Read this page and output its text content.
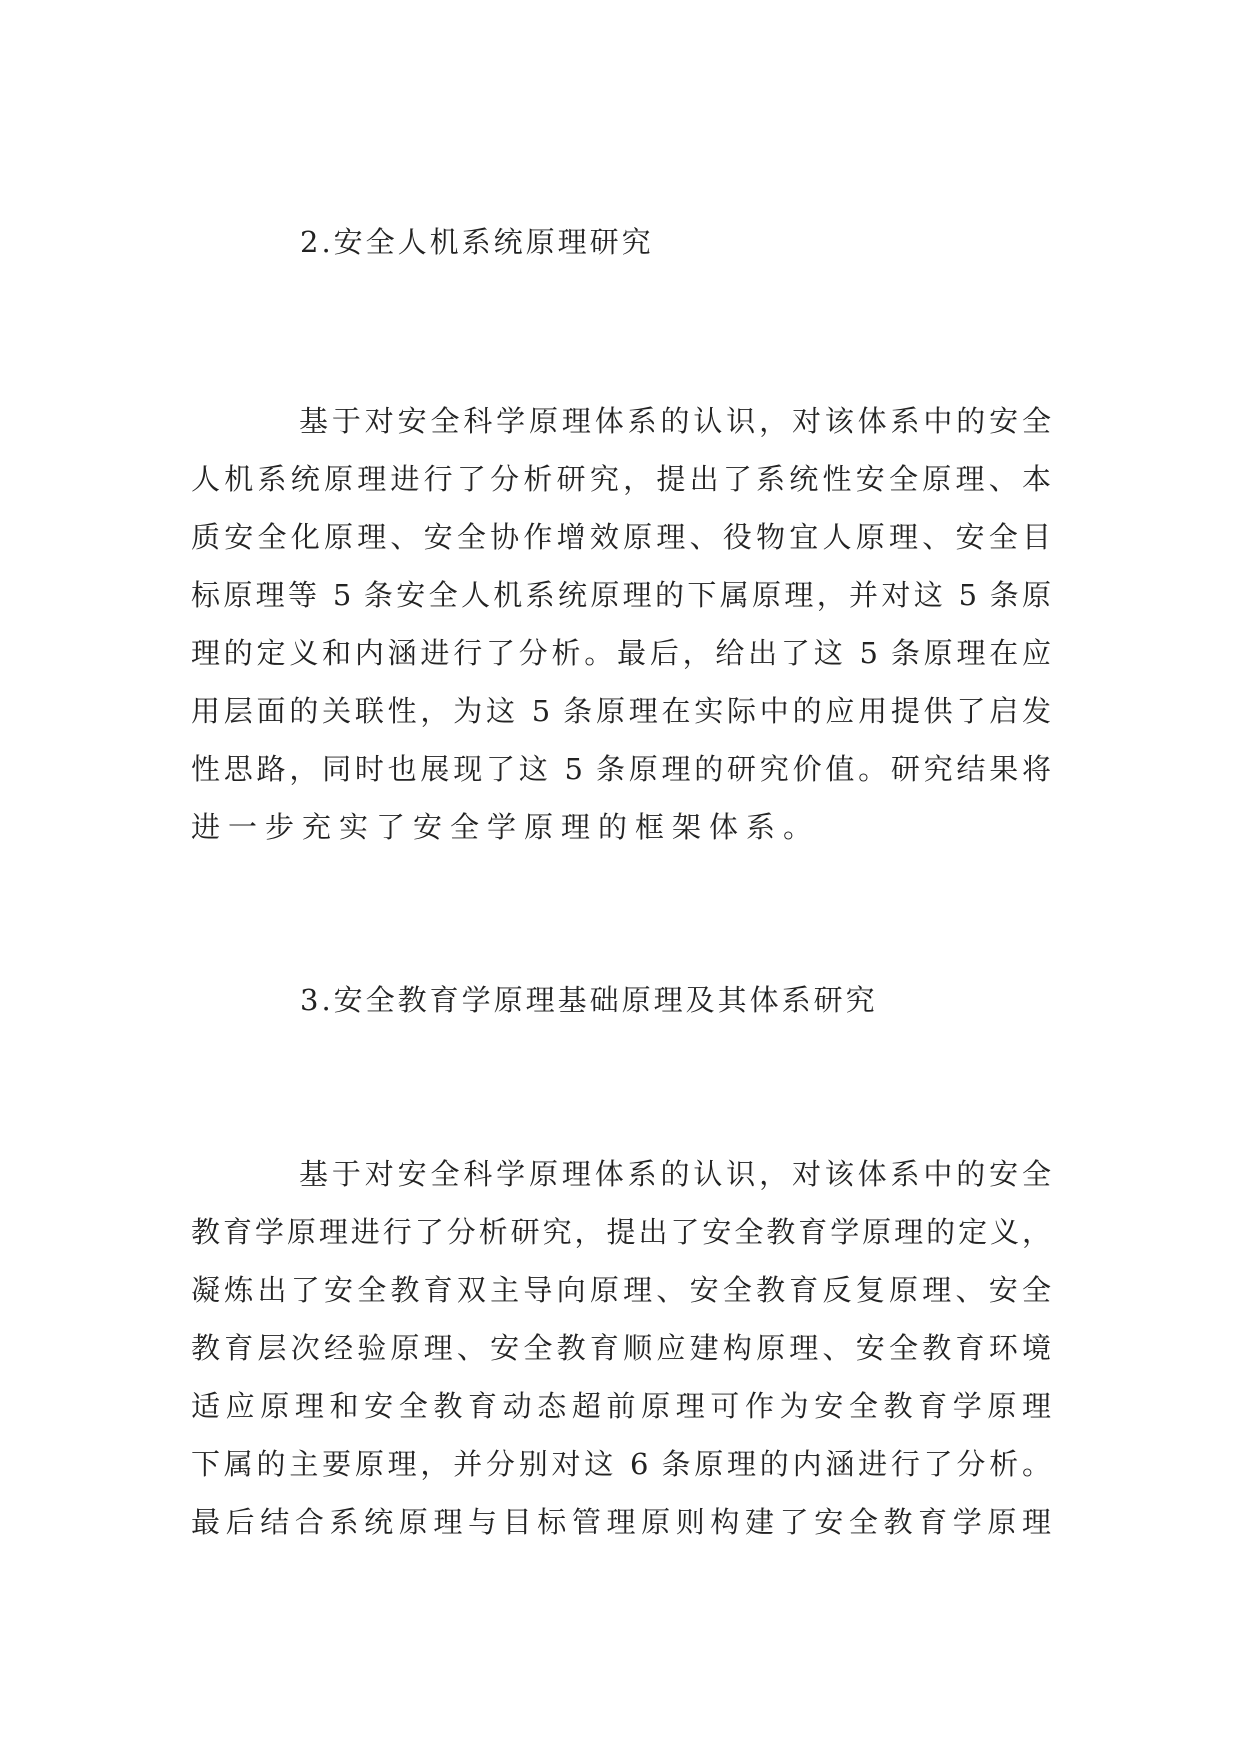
2.安全人机系统原理研究
基于对安全科学原理体系的认识，对该体系中的安全
人机系统原理进行了分析研究，提出了系统性安全原理、本
质安全化原理、安全协作增效原理、役物宜人原理、安全目
标原理等 5 条安全人机系统原理的下属原理，并对这 5 条原
理的定义和内涵进行了分析。最后，给出了这 5 条原理在应
用层面的关联性，为这 5 条原理在实际中的应用提供了启发
性思路，同时也展现了这 5 条原理的研究价值。研究结果将
进一步充实了安全学原理的框架体系。
3.安全教育学原理基础原理及其体系研究
基于对安全科学原理体系的认识，对该体系中的安全
教育学原理进行了分析研究，提出了安全教育学原理的定义，
凝炼出了安全教育双主导向原理、安全教育反复原理、安全
教育层次经验原理、安全教育顺应建构原理、安全教育环境
适应原理和安全教育动态超前原理可作为安全教育学原理
下属的主要原理，并分别对这 6 条原理的内涵进行了分析。
最后结合系统原理与目标管理原则构建了安全教育学原理
